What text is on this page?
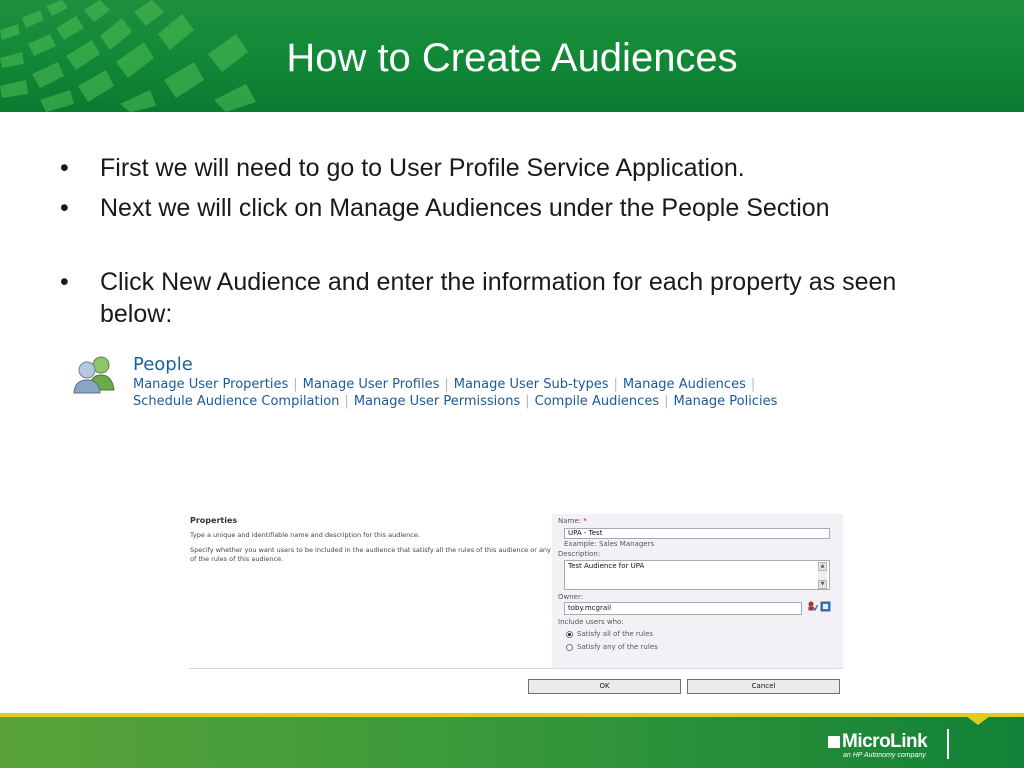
How to Create Audiences
• First we will need to go to User Profile Service Application.
• Next we will click on Manage Audiences under the People Section
• Click New Audience and enter the information for each property as seen below:
People
Manage User Properties | Manage User Profiles | Manage User Sub-types | Manage Audiences |
Schedule Audience Compilation | Manage User Permissions | Compile Audiences | Manage Policies
Properties
Type a unique and identifiable name and description for this audience.
Specify whether you want users to be included in the audience that satisfy all the rules of this audience or any of the rules of this audience.
Name: *
UPA - Test
Example: Sales Managers
Description:
Test Audience for UPA	▲
▼
Owner:
toby.mcgrail
Include users who:
Satisfy all of the rules
Satisfy any of the rules
OK	Cancel
MicroLink
an HP Autonomy company
